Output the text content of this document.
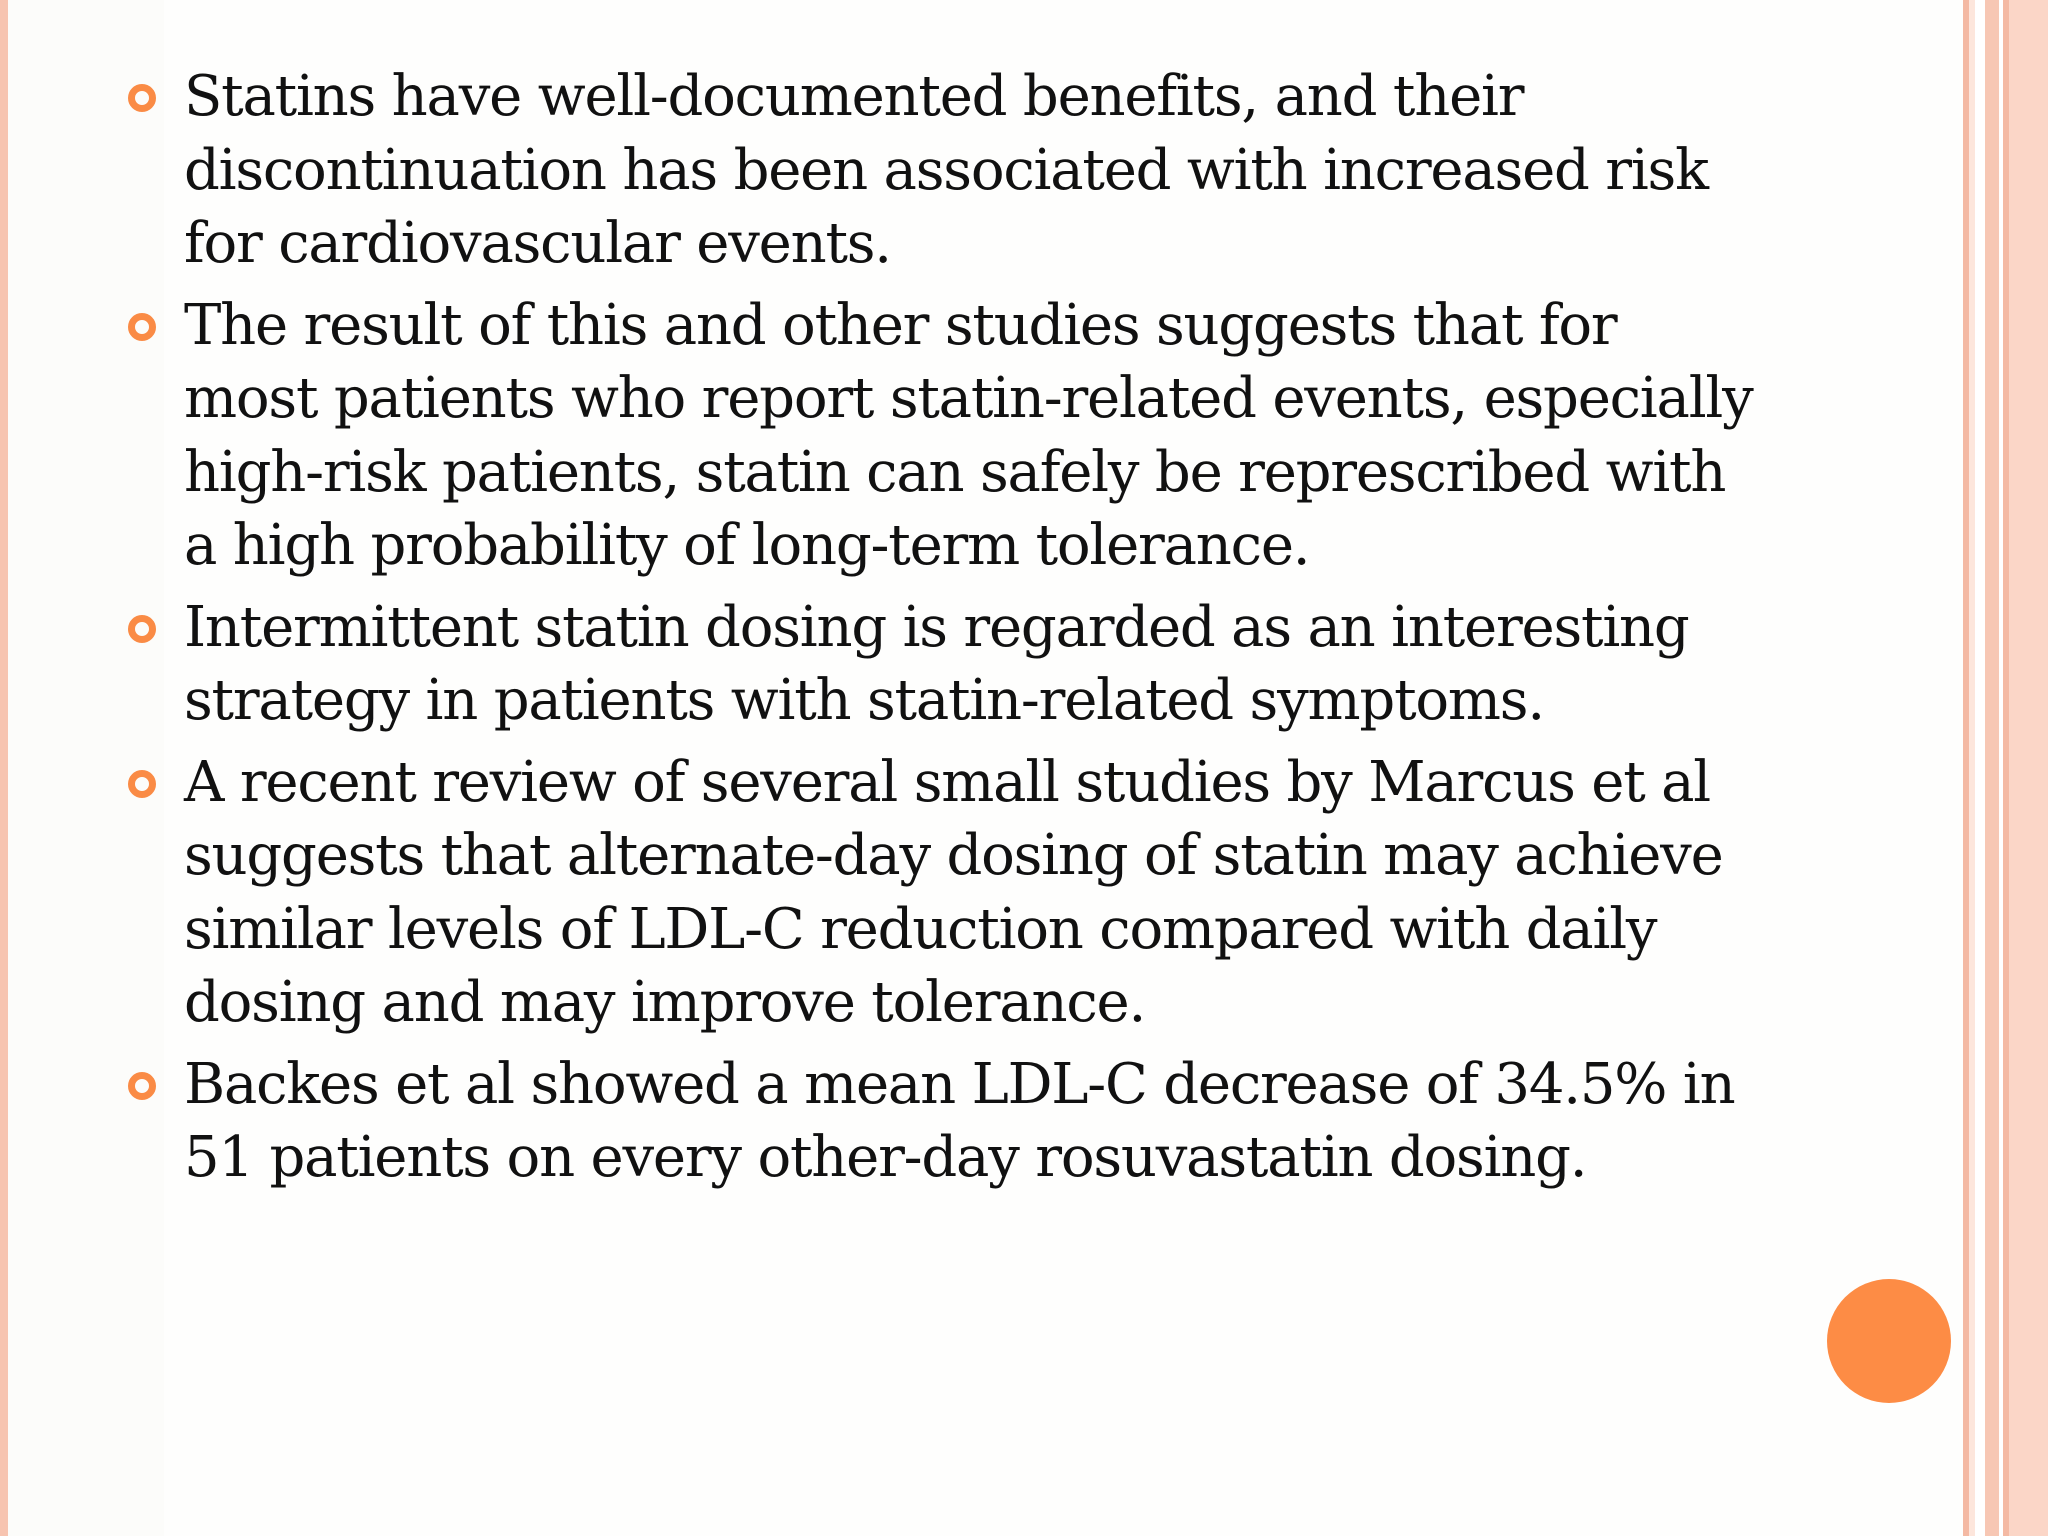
Statins have well-documented benefits, and their discontinuation has been associated with increased risk for cardiovascular events.
The result of this and other studies suggests that for most patients who report statin-related events, especially high-risk patients, statin can safely be represcribed with a high probability of long-term tolerance.
Intermittent statin dosing is regarded as an interesting strategy in patients with statin-related symptoms.
A recent review of several small studies by Marcus et al suggests that alternate-day dosing of statin may achieve similar levels of LDL-C reduction compared with daily dosing and may improve tolerance.
Backes et al showed a mean LDL-C decrease of 34.5% in 51 patients on every other-day rosuvastatin dosing.
